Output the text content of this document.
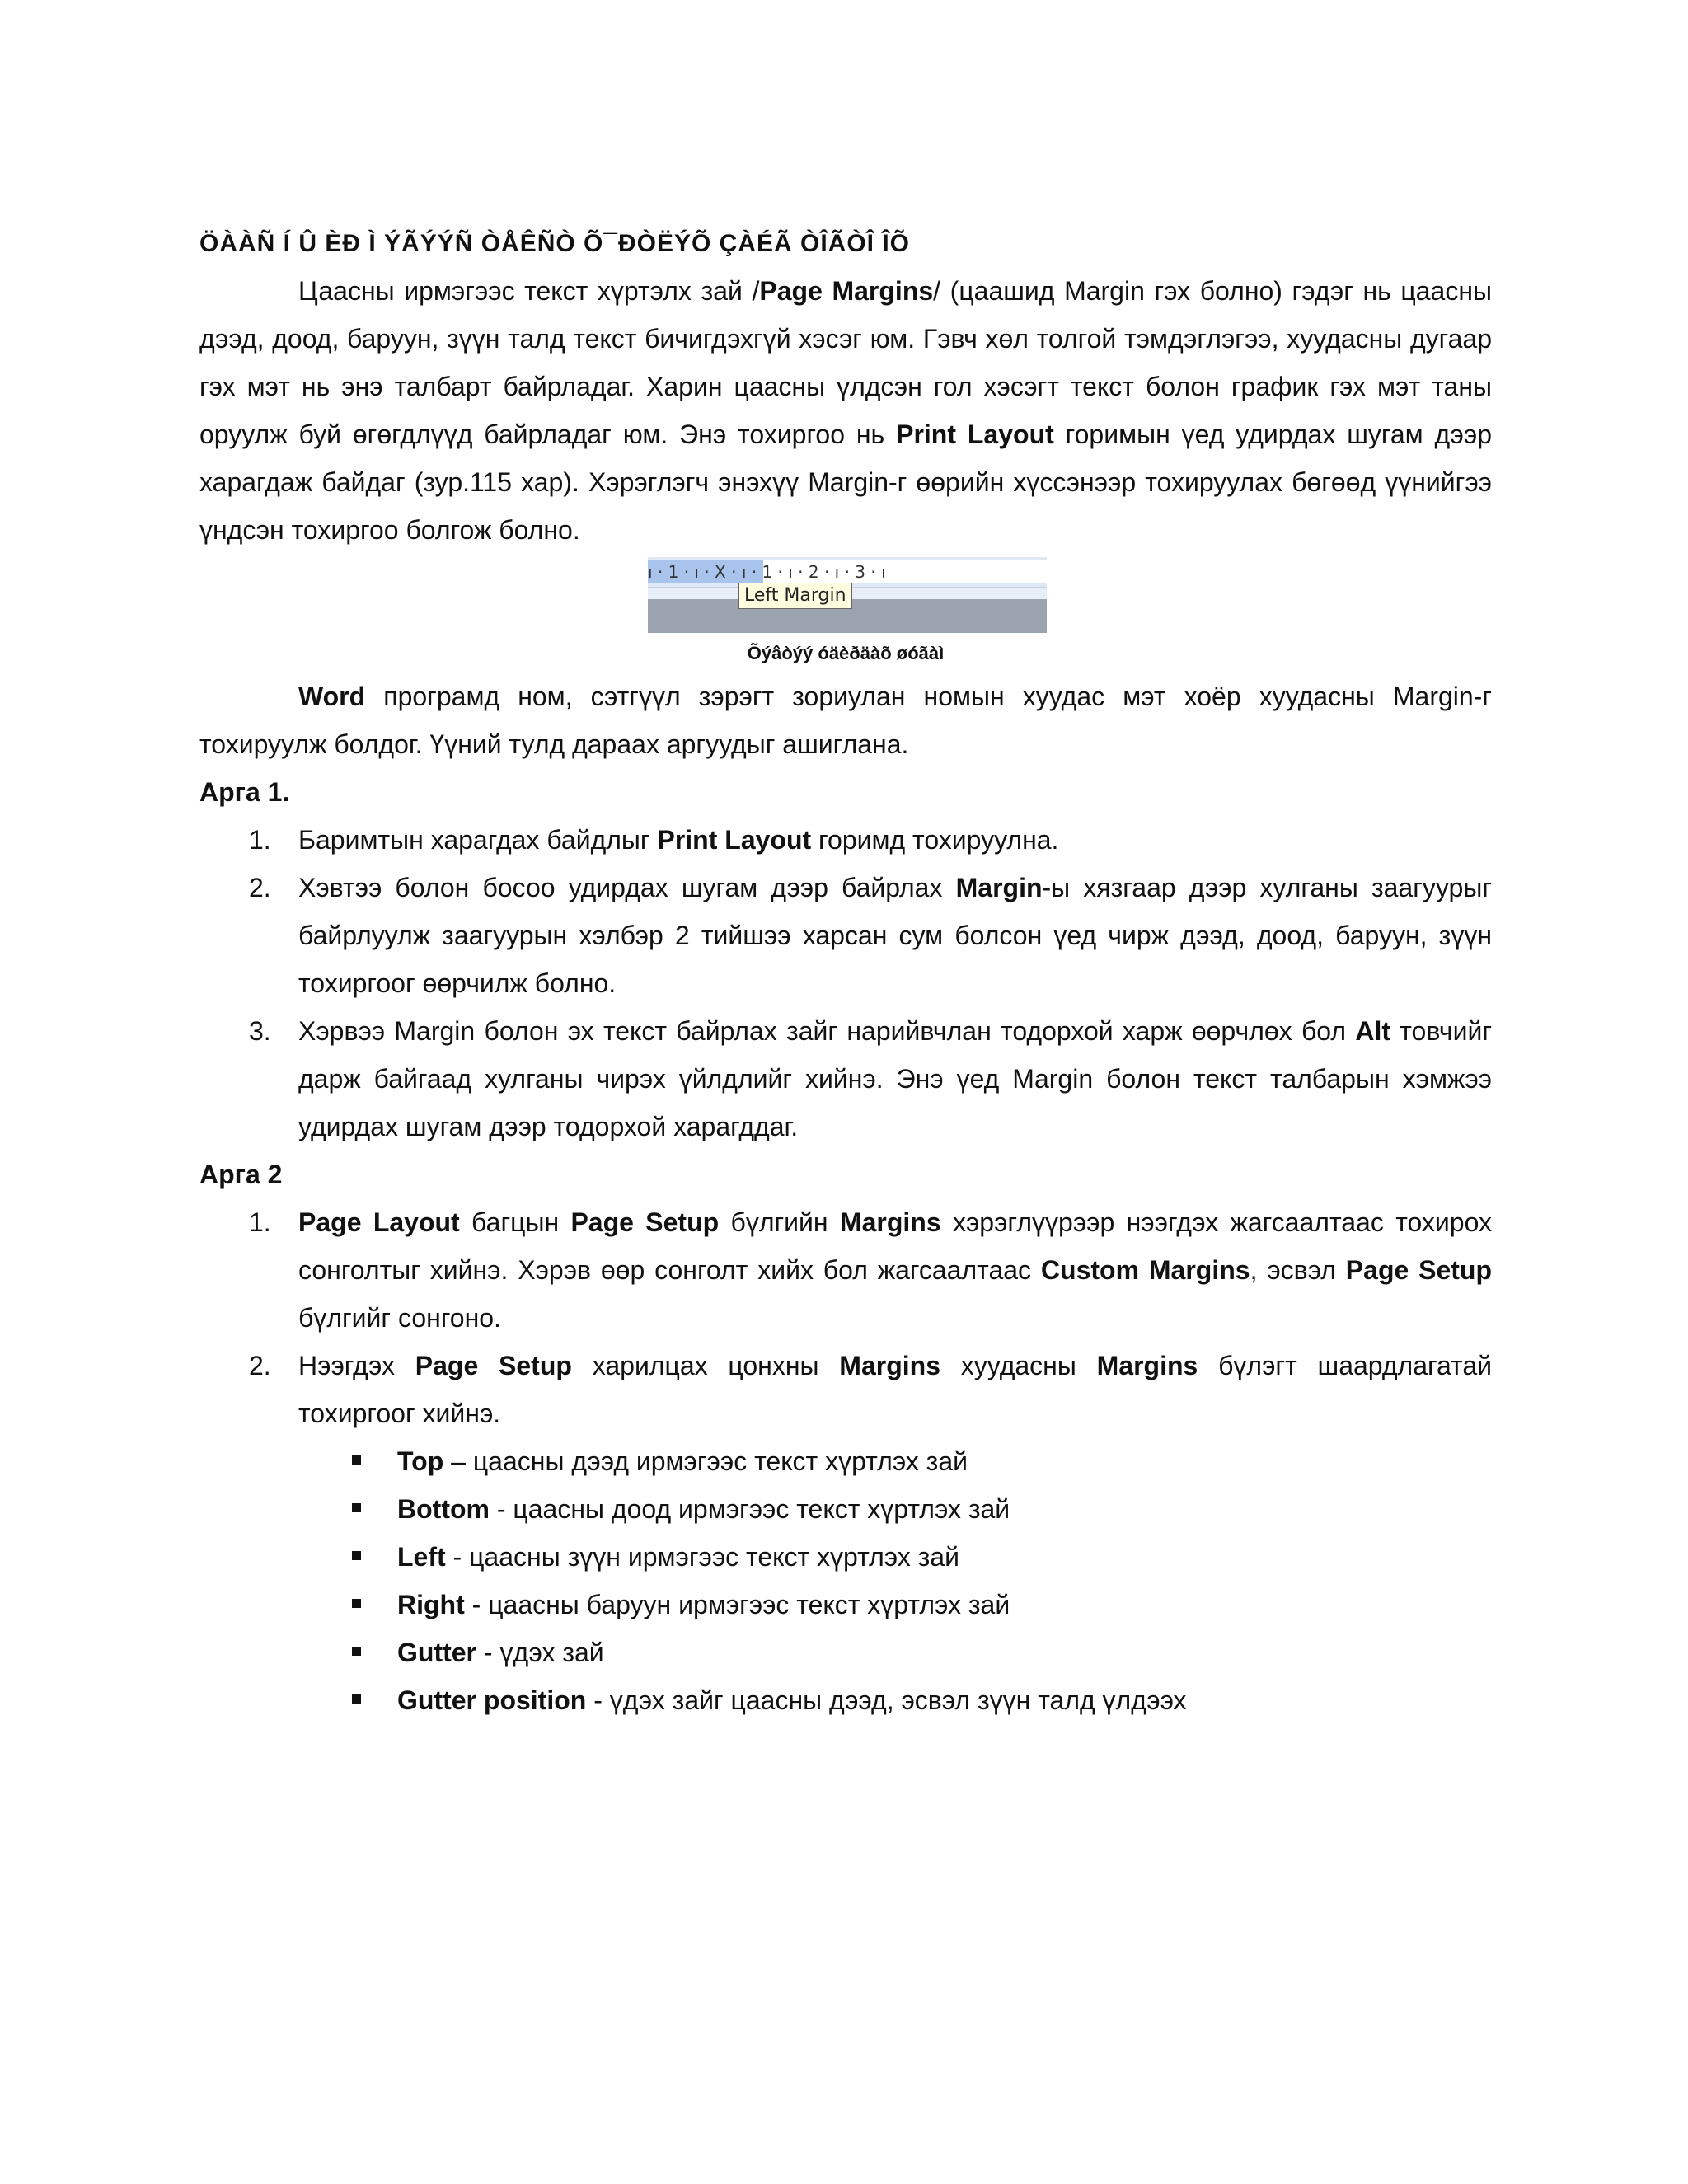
ÖÀÀÑ Í Û ÈÐ Ì ÝÃÝÝÑ ÒÅÊÑÒ Õ¯ÐÒËÝÕ ÇÀÉÃ ÒÎÃÒÎ ÎÕ

Цаасны ирмэгээс текст хүртэлх зай /Page Margins/ (цаашид Margin гэх болно) гэдэг нь цаасны дээд, доод, баруун, зүүн талд текст бичигдэхгүй хэсэг юм. Гэвч хөл толгой тэмдэглэгээ, хуудасны дугаар гэх мэт нь энэ талбарт байрладаг. Харин цаасны үлдсэн гол хэсэгт текст болон график гэх мэт таны оруулж буй өгөгдлүүд байрладаг юм. Энэ тохиргоо нь Print Layout горимын үед удирдах шугам дээр харагдаж байдаг (зур.115 хар). Хэрэглэгч энэхүү Margin-г өөрийн хүссэнээр тохируулах бөгөөд үүнийгээ үндсэн тохиргоо болгож болно.

ı · 1 · ı · X · ı · 1 · ı · 2 · ı · 3 · ı
Left Margin

Õýâòýý óäèðäàõ øóãàì

Word програмд ном, сэтгүүл зэрэгт зориулан номын хуудас мэт хоёр хуудасны Margin-г тохируулж болдог. Үүний тулд дараах аргуудыг ашиглана.

Арга 1.

1.	Баримтын харагдах байдлыг Print Layout горимд тохируулна.
2.	Хэвтээ болон босоо удирдах шугам дээр байрлах Margin-ы хязгаар дээр хулганы заагуурыг байрлуулж заагуурын хэлбэр 2 тийшээ харсан сум болсон үед чирж дээд, доод, баруун, зүүн тохиргоог өөрчилж болно.
3.	Хэрвээ Margin болон эх текст байрлах зайг нарийвчлан тодорхой харж өөрчлөх бол Alt товчийг дарж байгаад хулганы чирэх үйлдлийг хийнэ. Энэ үед Margin болон текст талбарын хэмжээ удирдах шугам дээр тодорхой харагддаг.

Арга 2

1.	Page Layout багцын Page Setup бүлгийн Margins хэрэглүүрээр нээгдэх жагсаалтаас тохирох сонголтыг хийнэ. Хэрэв өөр сонголт хийх бол жагсаалтаас Custom Margins, эсвэл Page Setup бүлгийг сонгоно.
2.	Нээгдэх Page Setup харилцах цонхны Margins хуудасны Margins бүлэгт шаардлагатай тохиргоог хийнэ.
Top – цаасны дээд ирмэгээс текст хүртлэх зай
Bottom - цаасны доод ирмэгээс текст хүртлэх зай
Left - цаасны зүүн ирмэгээс текст хүртлэх зай
Right - цаасны баруун ирмэгээс текст хүртлэх зай
Gutter - үдэх зай
Gutter position - үдэх зайг цаасны дээд, эсвэл зүүн талд үлдээх
